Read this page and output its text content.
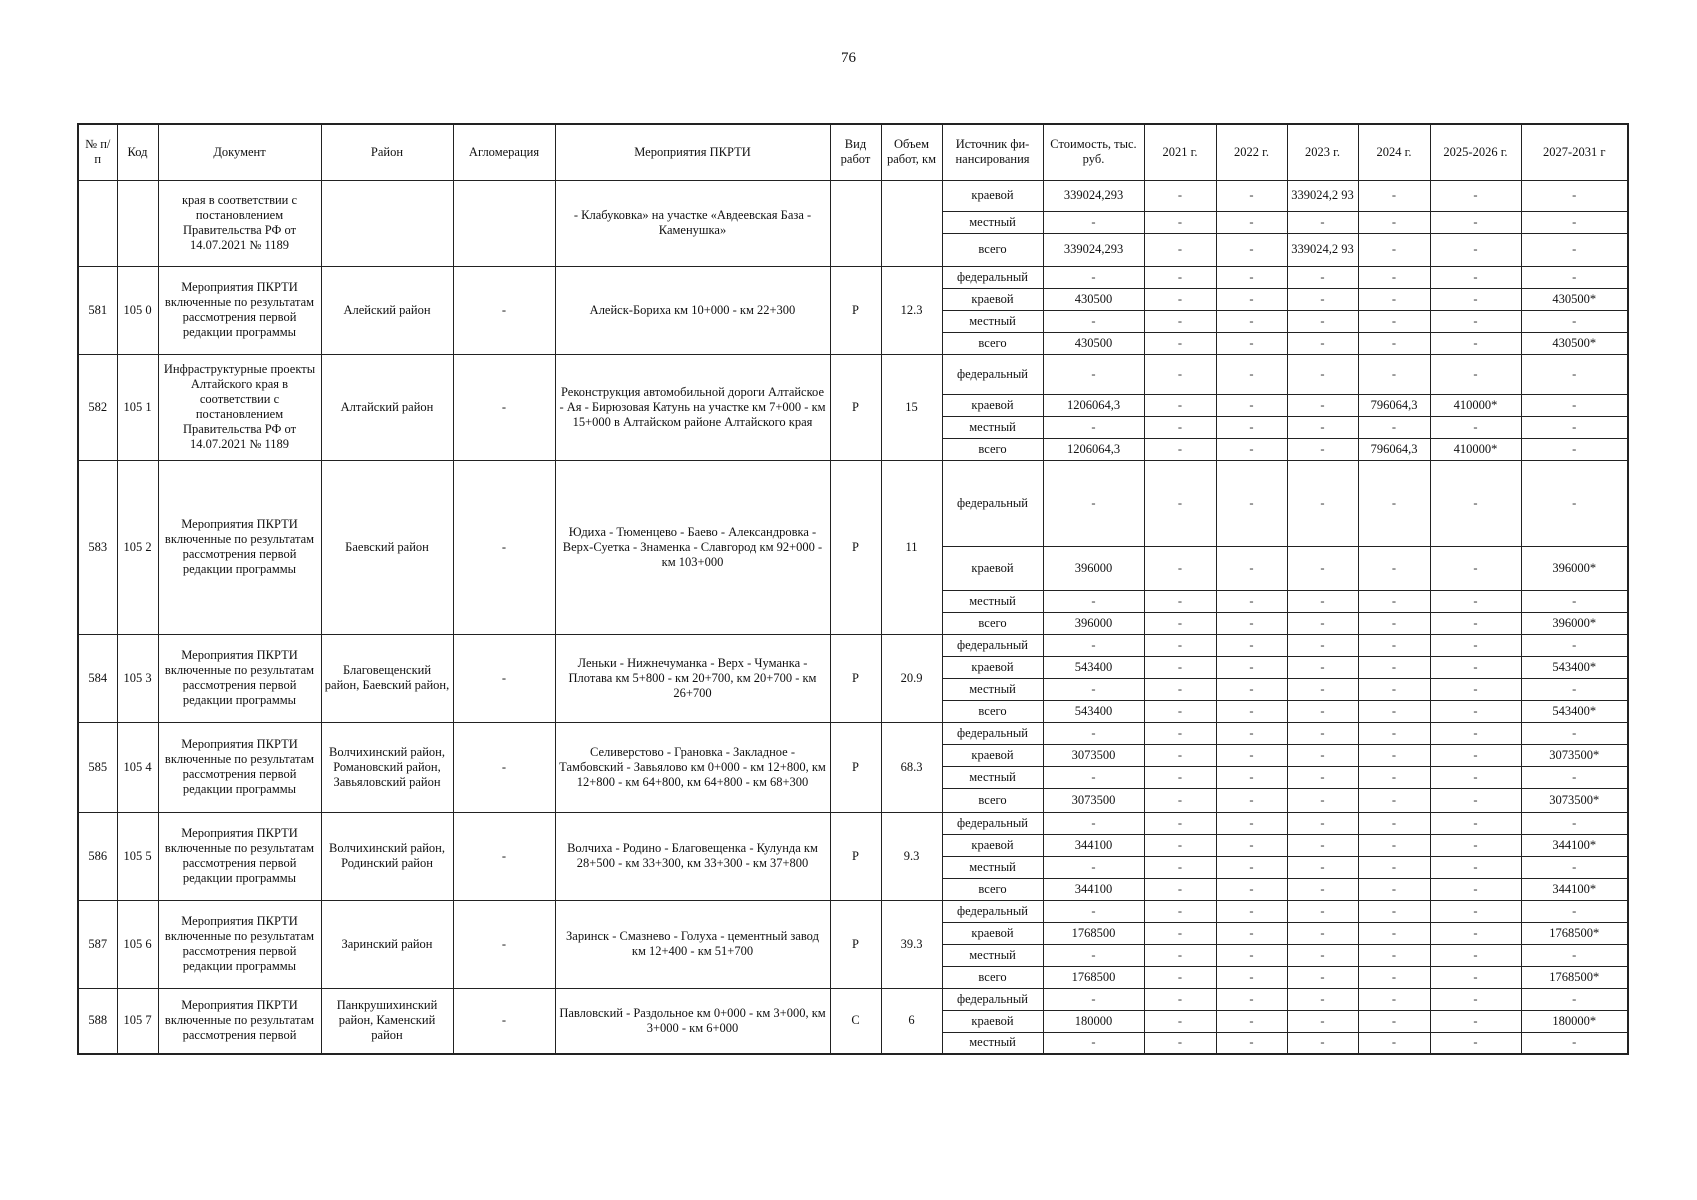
76
№ п/п	Код	Документ	Район	Агломерация	Мероприятия ПКРТИ	Вид работ	Объем работ, км	Источник фи-нансирования	Стоимость, тыс. руб.	2021 г.	2022 г.	2023 г.	2024 г.	2025-2026 г.	2027-2031 г
		края в соответствии с постановлением Правительства РФ от 14.07.2021 № 1189			- Клабуковка» на участке «Авдеевская База - Каменушка»			краевой	339024,293	-	-	339024,2 93	-	-	-
								местный	-	-	-	-	-	-	-
								всего	339024,293	-	-	339024,2 93	-	-	-
581	105 0	Мероприятия ПКРТИ включенные по результатам рассмотрения первой редакции программы	Алейский район	-	Алейск-Бориха км 10+000 - км 22+300	Р	12.3	федеральный	-	-	-	-	-	-	-
								краевой	430500	-	-	-	-	-	430500*
								местный	-	-	-	-	-	-	-
								всего	430500	-	-	-	-	-	430500*
582	105 1	Инфраструктурные проекты Алтайского края в соответствии с постановлением Правительства РФ от 14.07.2021 № 1189	Алтайский район	-	Реконструкция автомобильной дороги Алтайское - Ая - Бирюзовая Катунь на участке км 7+000 - км 15+000 в Алтайском районе Алтайского края	Р	15	федеральный	-	-	-	-	-	-	-
								краевой	1206064,3	-	-	-	796064,3	410000*	-
								местный	-	-	-	-	-	-	-
								всего	1206064,3	-	-	-	796064,3	410000*	-
583	105 2	Мероприятия ПКРТИ включенные по результатам рассмотрения первой редакции программы	Баевский район	-	Юдиха - Тюменцево - Баево - Александровка - Верх-Суетка - Знаменка - Славгород км 92+000 - км 103+000	Р	11	федеральный	-	-	-	-	-	-	-
								краевой	396000	-	-	-	-	-	396000*
								местный	-	-	-	-	-	-	-
								всего	396000	-	-	-	-	-	396000*
584	105 3	Мероприятия ПКРТИ включенные по результатам рассмотрения первой редакции программы	Благовещенский район, Баевский район,	-	Леньки - Нижнечуманка - Верх - Чуманка - Плотава км 5+800 - км 20+700, км 20+700 - км 26+700	Р	20.9	федеральный	-	-	-	-	-	-	-
								краевой	543400	-	-	-	-	-	543400*
								местный	-	-	-	-	-	-	-
								всего	543400	-	-	-	-	-	543400*
585	105 4	Мероприятия ПКРТИ включенные по результатам рассмотрения первой редакции программы	Волчихинский район, Романовский район, Завьяловский район	-	Селиверстово - Грановка - Закладное - Тамбовский - Завьялово км 0+000 - км 12+800, км 12+800 - км 64+800, км 64+800 - км 68+300	Р	68.3	федеральный	-	-	-	-	-	-	-
								краевой	3073500	-	-	-	-	-	3073500*
								местный	-	-	-	-	-	-	-
								всего	3073500	-	-	-	-	-	3073500*
586	105 5	Мероприятия ПКРТИ включенные по результатам рассмотрения первой редакции программы	Волчихинский район, Родинский район	-	Волчиха - Родино - Благовещенка - Кулунда км 28+500 - км 33+300, км 33+300 - км 37+800	Р	9.3	федеральный	-	-	-	-	-	-	-
								краевой	344100	-	-	-	-	-	344100*
								местный	-	-	-	-	-	-	-
								всего	344100	-	-	-	-	-	344100*
587	105 6	Мероприятия ПКРТИ включенные по результатам рассмотрения первой редакции программы	Заринский район	-	Заринск - Смазнево - Голуха - цементный завод км 12+400 - км 51+700	Р	39.3	федеральный	-	-	-	-	-	-	-
								краевой	1768500	-	-	-	-	-	1768500*
								местный	-	-	-	-	-	-	-
								всего	1768500	-	-	-	-	-	1768500*
588	105 7	Мероприятия ПКРТИ включенные по результатам рассмотрения первой	Панкрушихинский район, Каменский район	-	Павловский - Раздольное км 0+000 - км 3+000, км 3+000 - км 6+000	С	6	федеральный	-	-	-	-	-	-	-
								краевой	180000	-	-	-	-	-	180000*
								местный	-	-	-	-	-	-	-
